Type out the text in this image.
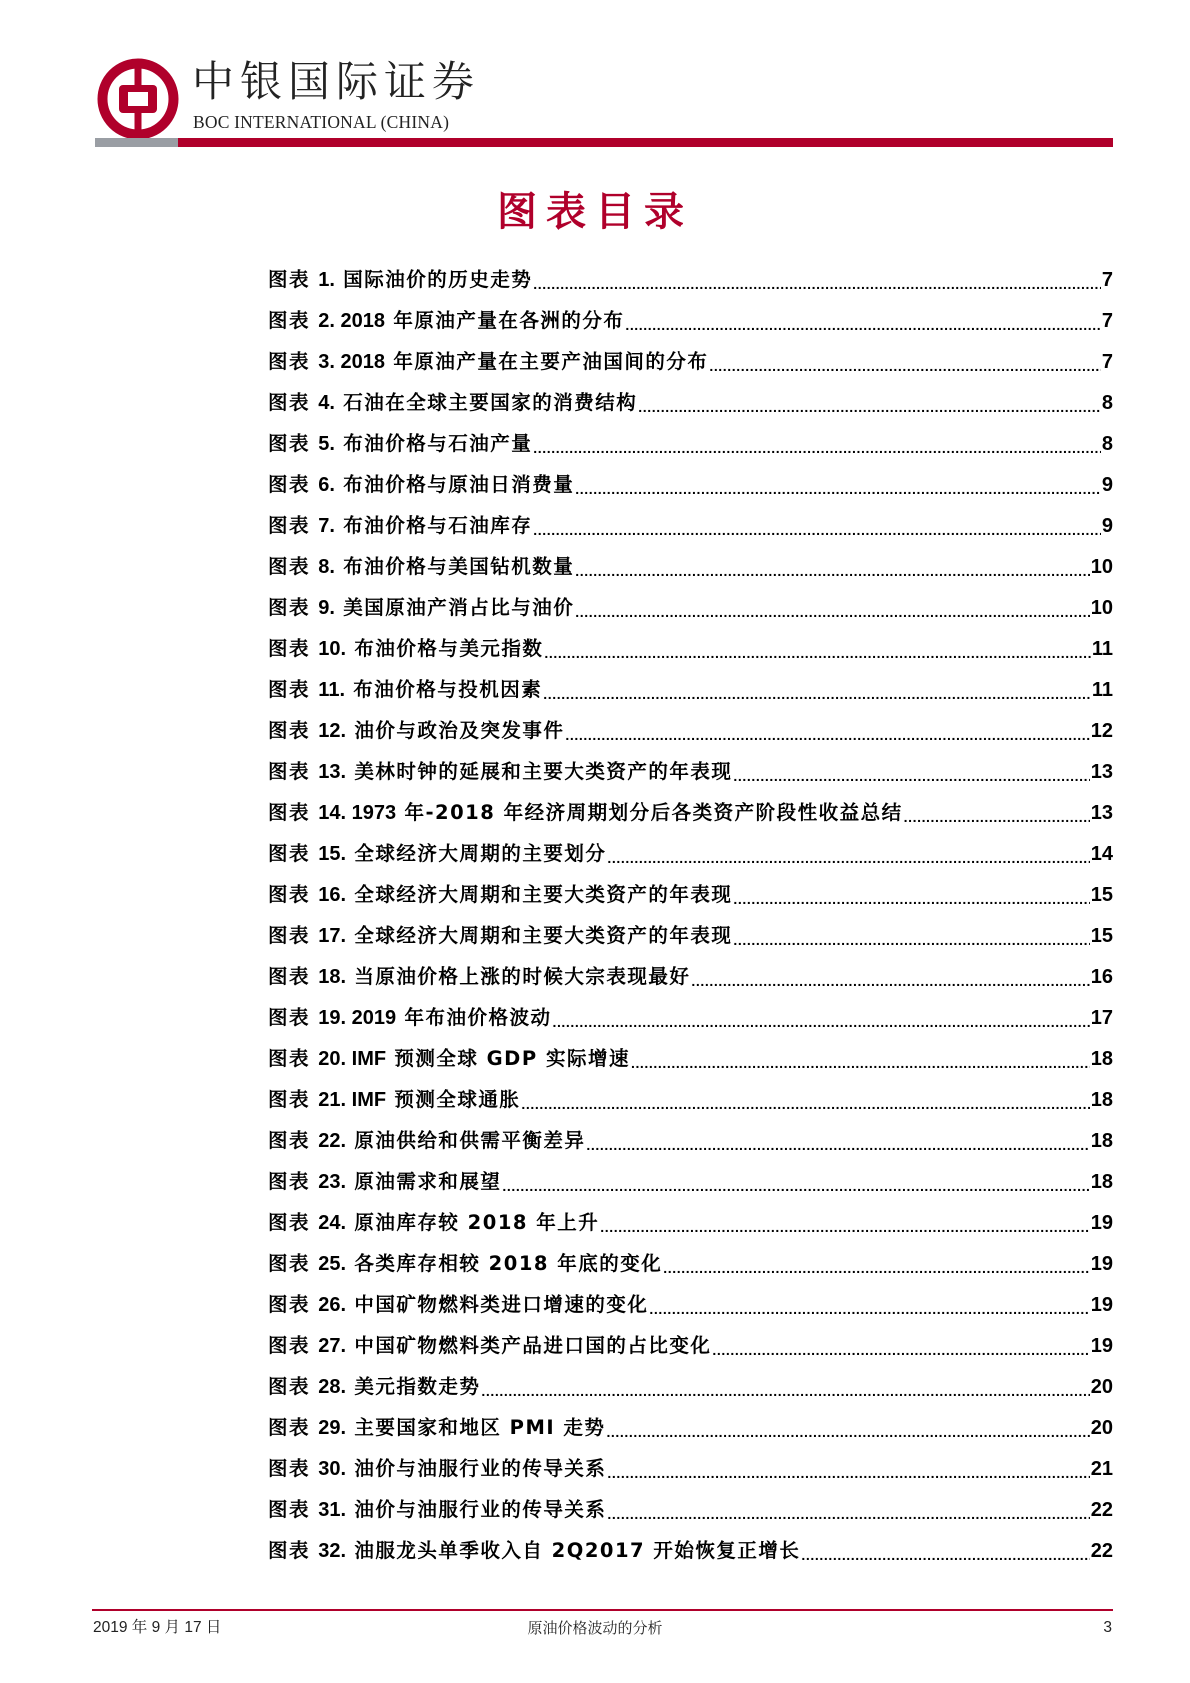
中银国际证券
BOC INTERNATIONAL (CHINA)
图表目录
图表 1. 国际油价的历史走势 .....	7
图表 2. 2018 年原油产量在各洲的分布 .....	7
图表 3. 2018 年原油产量在主要产油国间的分布 .....	7
图表 4. 石油在全球主要国家的消费结构 .....	8
图表 5. 布油价格与石油产量 .....	8
图表 6. 布油价格与原油日消费量 .....	9
图表 7. 布油价格与石油库存 .....	9
图表 8. 布油价格与美国钻机数量 .....	10
图表 9. 美国原油产消占比与油价 .....	10
图表 10. 布油价格与美元指数 .....	11
图表 11. 布油价格与投机因素 .....	11
图表 12. 油价与政治及突发事件 .....	12
图表 13. 美林时钟的延展和主要大类资产的年表现 .....	13
图表 14. 1973 年-2018 年经济周期划分后各类资产阶段性收益总结 .....	13
图表 15. 全球经济大周期的主要划分 .....	14
图表 16. 全球经济大周期和主要大类资产的年表现 .....	15
图表 17. 全球经济大周期和主要大类资产的年表现 .....	15
图表 18. 当原油价格上涨的时候大宗表现最好 .....	16
图表 19. 2019 年布油价格波动 .....	17
图表 20. IMF 预测全球 GDP 实际增速 .....	18
图表 21. IMF 预测全球通胀 .....	18
图表 22. 原油供给和供需平衡差异 .....	18
图表 23. 原油需求和展望 .....	18
图表 24. 原油库存较 2018 年上升 .....	19
图表 25. 各类库存相较 2018 年底的变化 .....	19
图表 26. 中国矿物燃料类进口增速的变化 .....	19
图表 27. 中国矿物燃料类产品进口国的占比变化 .....	19
图表 28. 美元指数走势 .....	20
图表 29. 主要国家和地区 PMI 走势 .....	20
图表 30. 油价与油服行业的传导关系 .....	21
图表 31. 油价与油服行业的传导关系 .....	22
图表 32. 油服龙头单季收入自 2Q2017 开始恢复正增长 .....	22
2019 年 9 月 17 日	原油价格波动的分析	3
